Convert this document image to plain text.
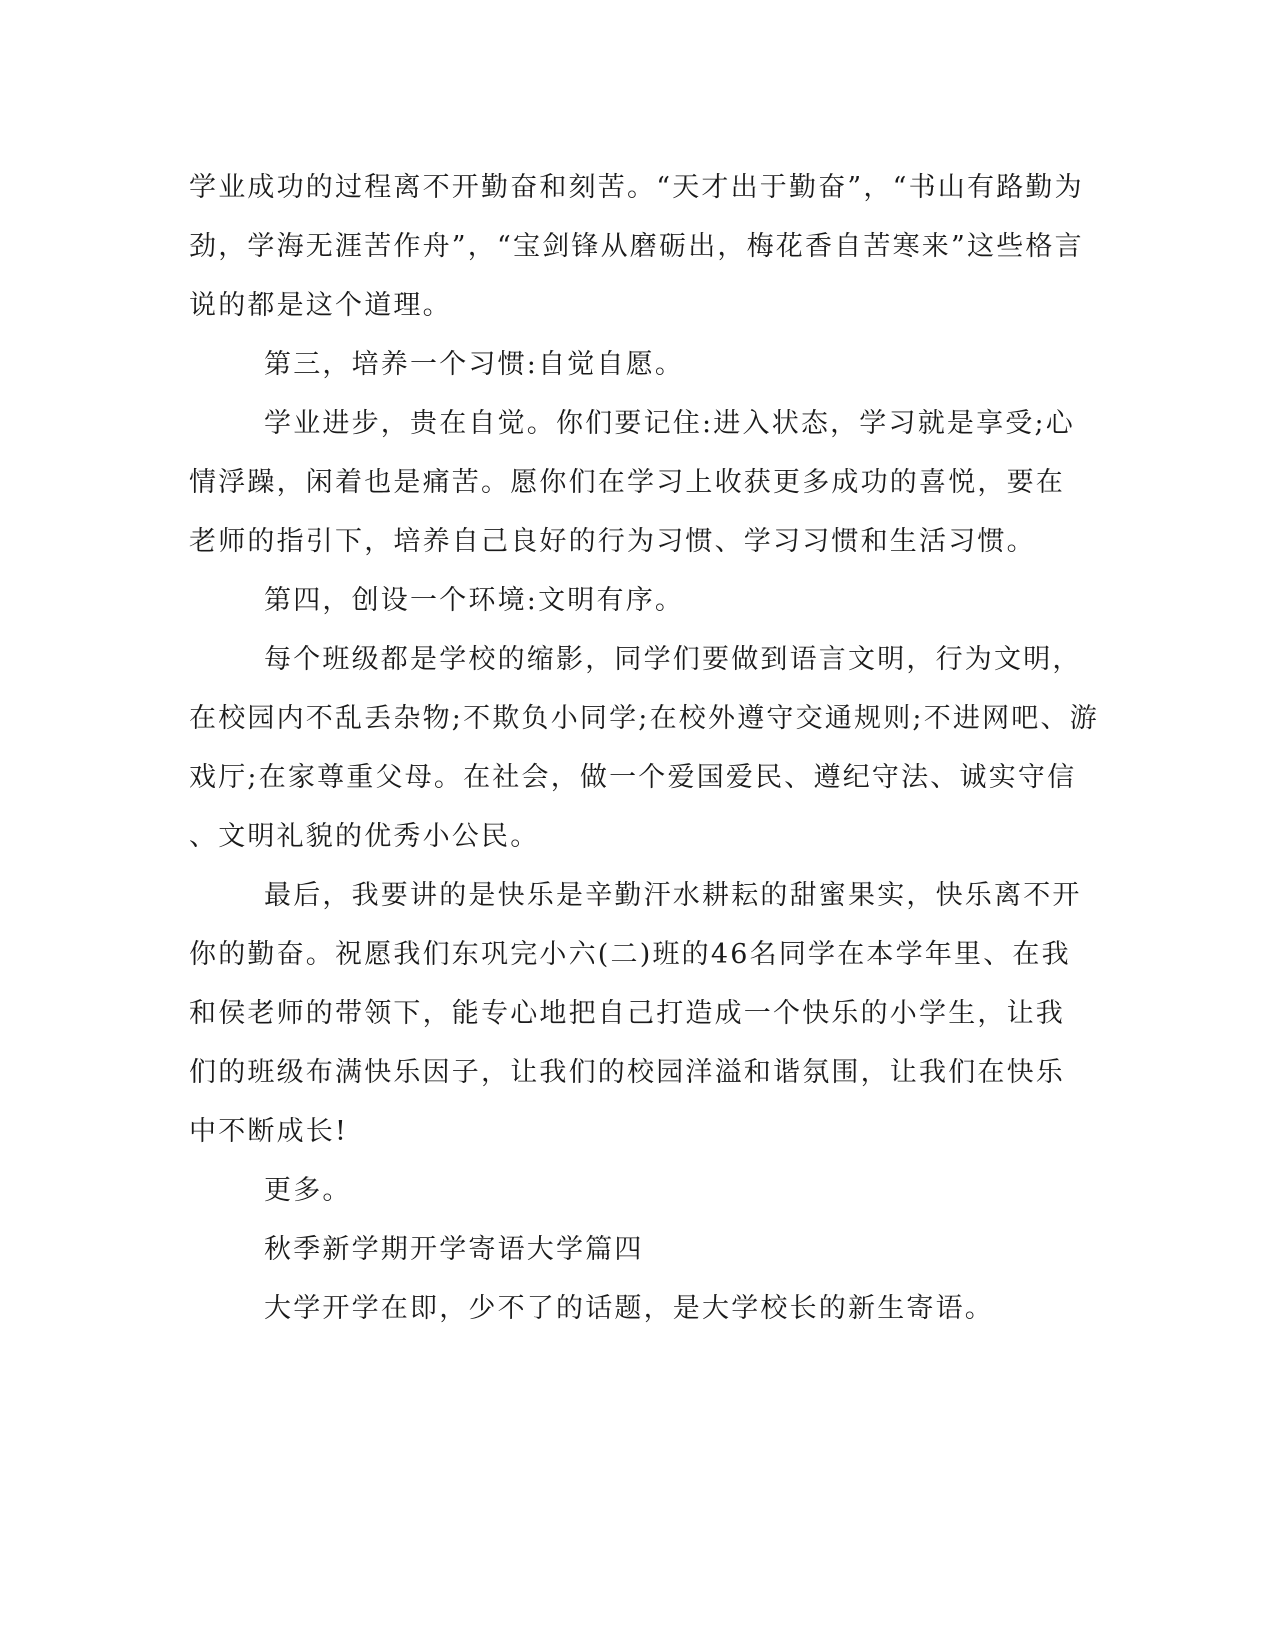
学业成功的过程离不开勤奋和刻苦。“天才出于勤奋”，“书山有路勤为
劲，学海无涯苦作舟”，“宝剑锋从磨砺出，梅花香自苦寒来”这些格言
说的都是这个道理。
第三，培养一个习惯:自觉自愿。
学业进步，贵在自觉。你们要记住:进入状态，学习就是享受;心
情浮躁，闲着也是痛苦。愿你们在学习上收获更多成功的喜悦，要在
老师的指引下，培养自己良好的行为习惯、学习习惯和生活习惯。
第四，创设一个环境:文明有序。
每个班级都是学校的缩影，同学们要做到语言文明，行为文明，
在校园内不乱丢杂物;不欺负小同学;在校外遵守交通规则;不进网吧、游
戏厅;在家尊重父母。在社会，做一个爱国爱民、遵纪守法、诚实守信
、文明礼貌的优秀小公民。
最后，我要讲的是快乐是辛勤汗水耕耘的甜蜜果实，快乐离不开
你的勤奋。祝愿我们东巩完小六(二)班的46名同学在本学年里、在我
和侯老师的带领下，能专心地把自己打造成一个快乐的小学生，让我
们的班级布满快乐因子，让我们的校园洋溢和谐氛围，让我们在快乐
中不断成长!
更多。
秋季新学期开学寄语大学篇四
大学开学在即，少不了的话题，是大学校长的新生寄语。
